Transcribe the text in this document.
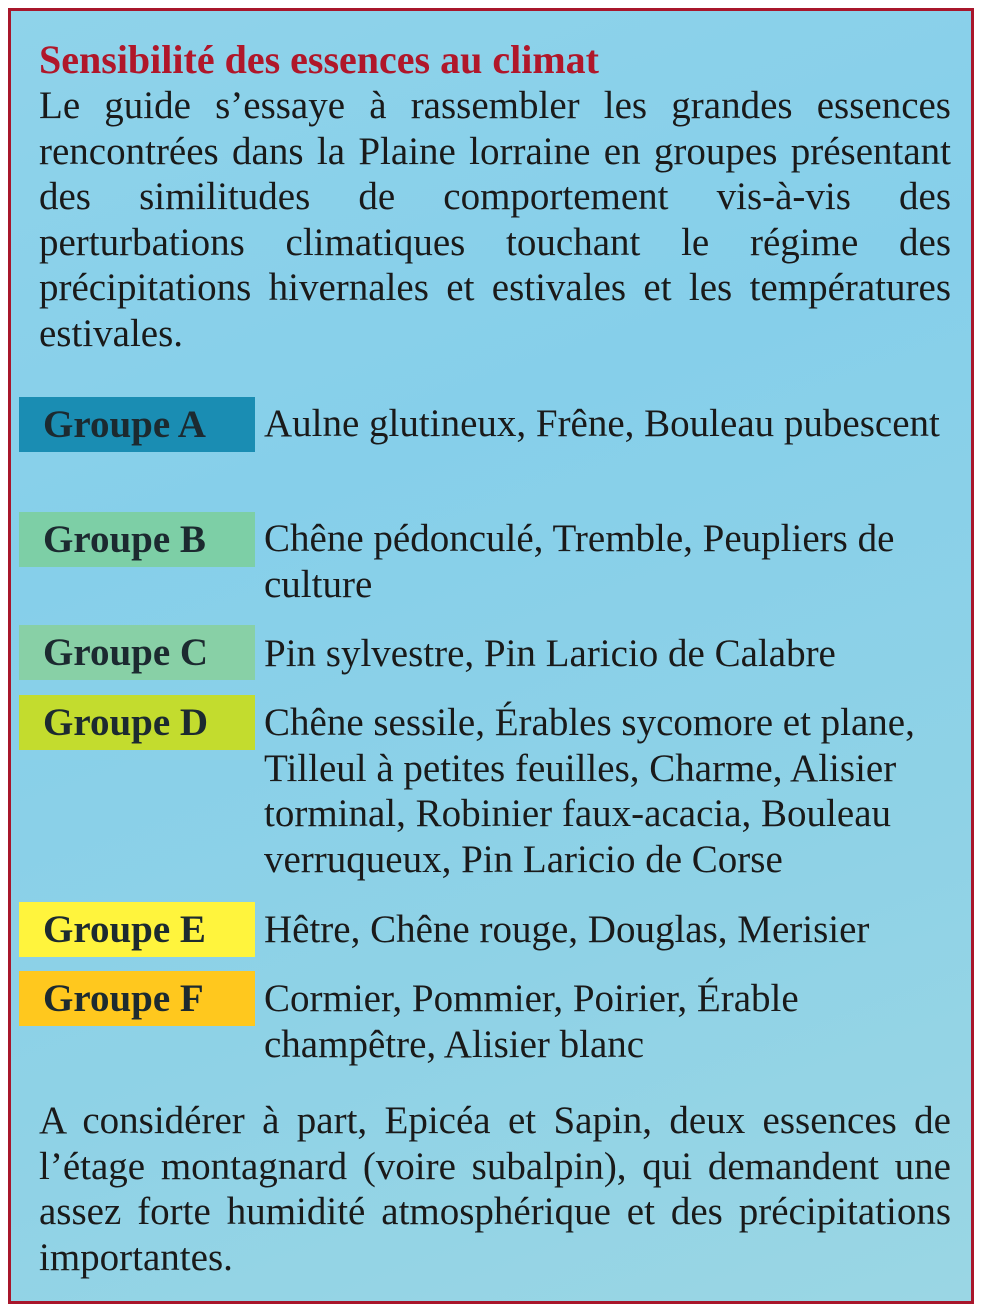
Sensibilité des essences au climat
Le guide s’essaye à rassembler les grandes essences rencontrées dans la Plaine lorraine en groupes présentant des similitudes de comportement vis-à-vis des perturbations climatiques touchant le régime des précipitations hivernales et estivales et les températures estivales.
Groupe A	Aulne glutineux, Frêne, Bouleau pubescent
Groupe B	Chêne pédonculé, Tremble, Peupliers de culture
Groupe C	Pin sylvestre, Pin Laricio de Calabre
Groupe D	Chêne sessile, Érables sycomore et plane, Tilleul à petites feuilles, Charme, Alisier torminal, Robinier faux-acacia, Bouleau verruqueux, Pin Laricio de Corse
Groupe E	Hêtre, Chêne rouge, Douglas, Merisier
Groupe F	Cormier, Pommier, Poirier, Érable champêtre, Alisier blanc
A considérer à part, Epicéa et Sapin, deux essences de l’étage montagnard (voire subalpin), qui demandent une assez forte humidité atmosphérique et des précipitations importantes.
